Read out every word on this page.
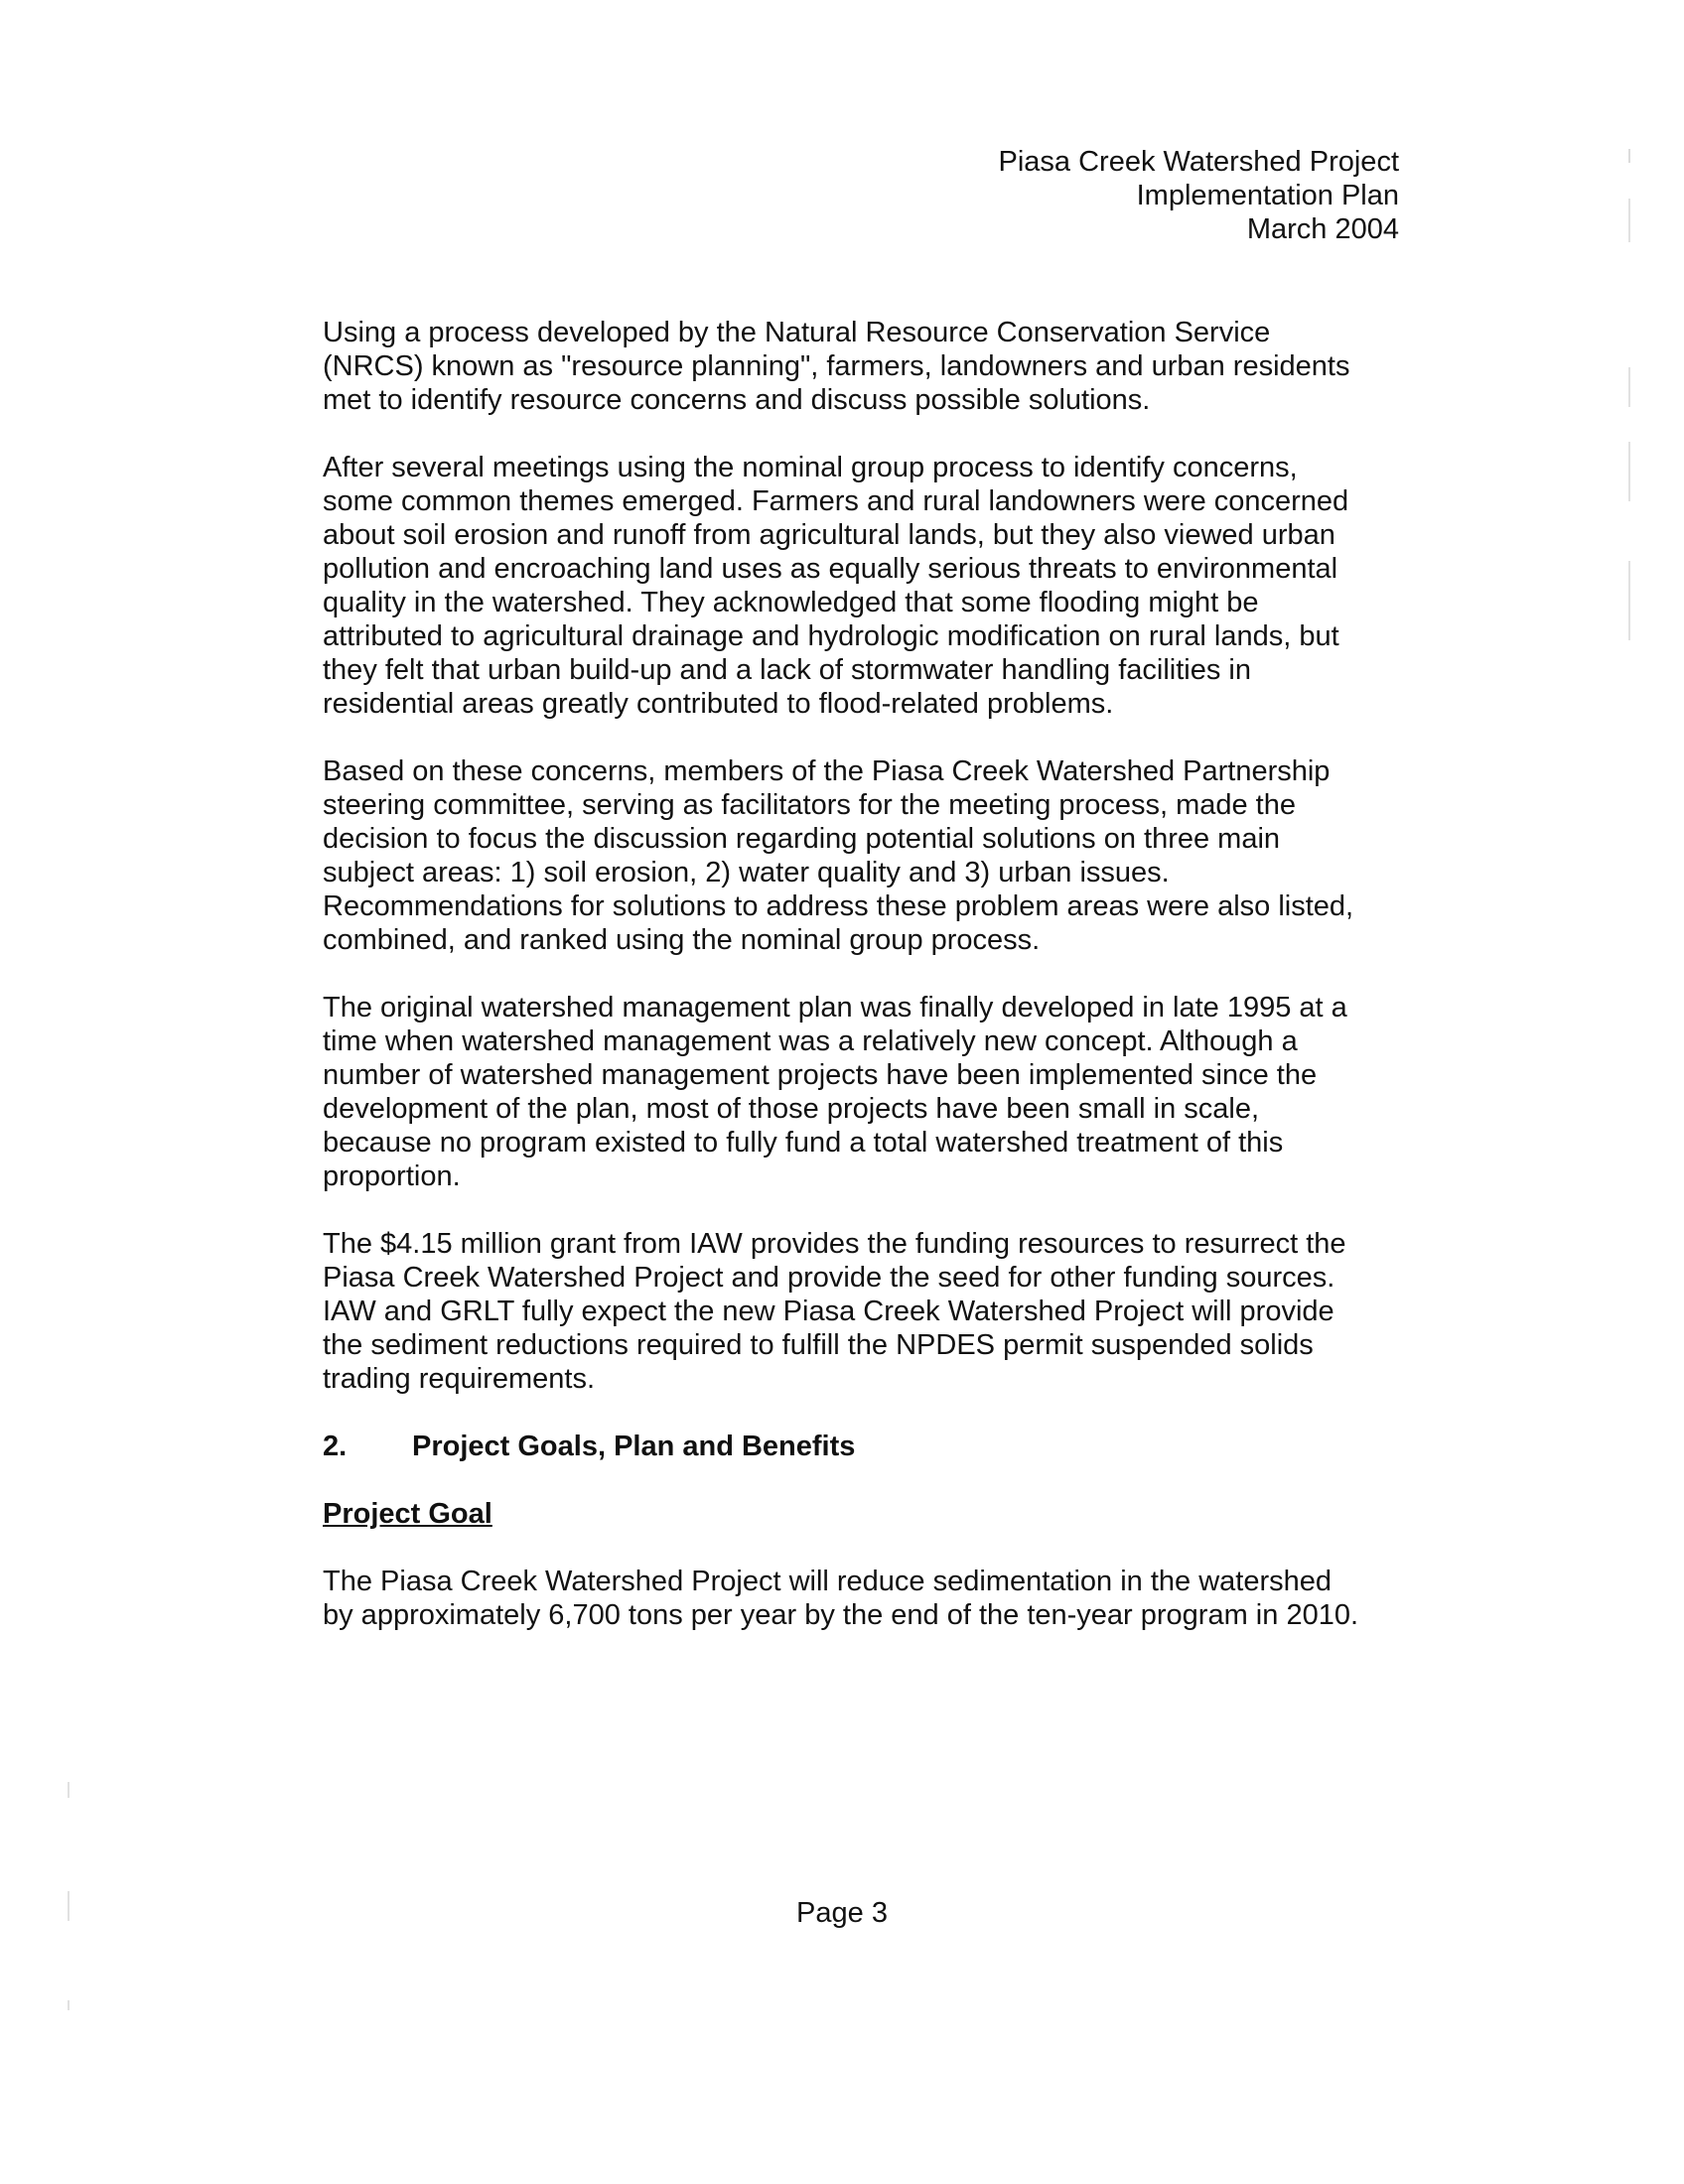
Piasa Creek Watershed Project
Implementation Plan
March 2004

Using a process developed by the Natural Resource Conservation Service
(NRCS) known as "resource planning", farmers, landowners and urban residents
met to identify resource concerns and discuss possible solutions.

After several meetings using the nominal group process to identify concerns,
some common themes emerged. Farmers and rural landowners were concerned
about soil erosion and runoff from agricultural lands, but they also viewed urban
pollution and encroaching land uses as equally serious threats to environmental
quality in the watershed. They acknowledged that some flooding might be
attributed to agricultural drainage and hydrologic modification on rural lands, but
they felt that urban build-up and a lack of stormwater handling facilities in
residential areas greatly contributed to flood-related problems.

Based on these concerns, members of the Piasa Creek Watershed Partnership
steering committee, serving as facilitators for the meeting process, made the
decision to focus the discussion regarding potential solutions on three main
subject areas: 1) soil erosion, 2) water quality and 3) urban issues.
Recommendations for solutions to address these problem areas were also listed,
combined, and ranked using the nominal group process.

The original watershed management plan was finally developed in late 1995 at a
time when watershed management was a relatively new concept. Although a
number of watershed management projects have been implemented since the
development of the plan, most of those projects have been small in scale,
because no program existed to fully fund a total watershed treatment of this
proportion.

The $4.15 million grant from IAW provides the funding resources to resurrect the
Piasa Creek Watershed Project and provide the seed for other funding sources.
IAW and GRLT fully expect the new Piasa Creek Watershed Project will provide
the sediment reductions required to fulfill the NPDES permit suspended solids
trading requirements.

2.	Project Goals, Plan and Benefits
Project Goal

The Piasa Creek Watershed Project will reduce sedimentation in the watershed
by approximately 6,700 tons per year by the end of the ten-year program in 2010.

Page 3
